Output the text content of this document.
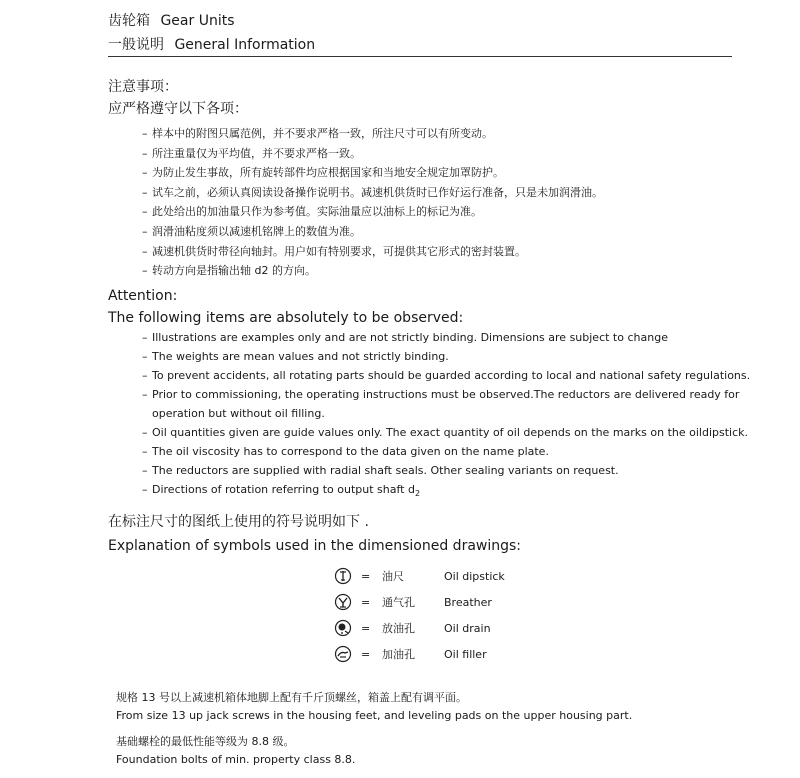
齿轮箱 Gear Units
一般说明 General Information
注意事项：
应严格遵守以下各项：
– 样本中的附图只属范例，并不要求严格一致，所注尺寸可以有所变动。
– 所注重量仅为平均值，并不要求严格一致。
– 为防止发生事故，所有旋转部件均应根据国家和当地安全规定加罩防护。
– 试车之前，必须认真阅读设备操作说明书。减速机供货时已作好运行准备，只是未加润滑油。
– 此处给出的加油量只作为参考值。实际油量应以油标上的标记为准。
– 润滑油粘度须以减速机铭牌上的数值为准。
– 减速机供货时带径向轴封。用户如有特别要求，可提供其它形式的密封装置。
– 转动方向是指输出轴 d2 的方向。
Attention:
The following items are absolutely to be observed:
– Illustrations are examples only and are not strictly binding. Dimensions are subject to change
– The weights are mean values and not strictly binding.
– To prevent accidents, all rotating parts should be guarded according to local and national safety regulations.
– Prior to commissioning, the operating instructions must be observed.The reductors are delivered ready for
operation but without oil filling.
– Oil quantities given are guide values only. The exact quantity of oil depends on the marks on the oildipstick.
– The oil viscosity has to correspond to the data given on the name plate.
– The reductors are supplied with radial shaft seals. Other sealing variants on request.
– Directions of rotation referring to output shaft $d_2$
在标注尺寸的图纸上使用的符号说明如下 .
Explanation of symbols used in the dimensioned drawings:
= 油尺	Oil dipstick
= 通气孔	Breather
= 放油孔	Oil drain
= 加油孔	Oil filler
规格 13 号以上减速机箱体地脚上配有千斤顶螺丝，箱盖上配有调平面。
From size 13 up jack screws in the housing feet, and leveling pads on the upper housing part.
基础螺栓的最低性能等级为 8.8 级。
Foundation bolts of min. property class 8.8.
